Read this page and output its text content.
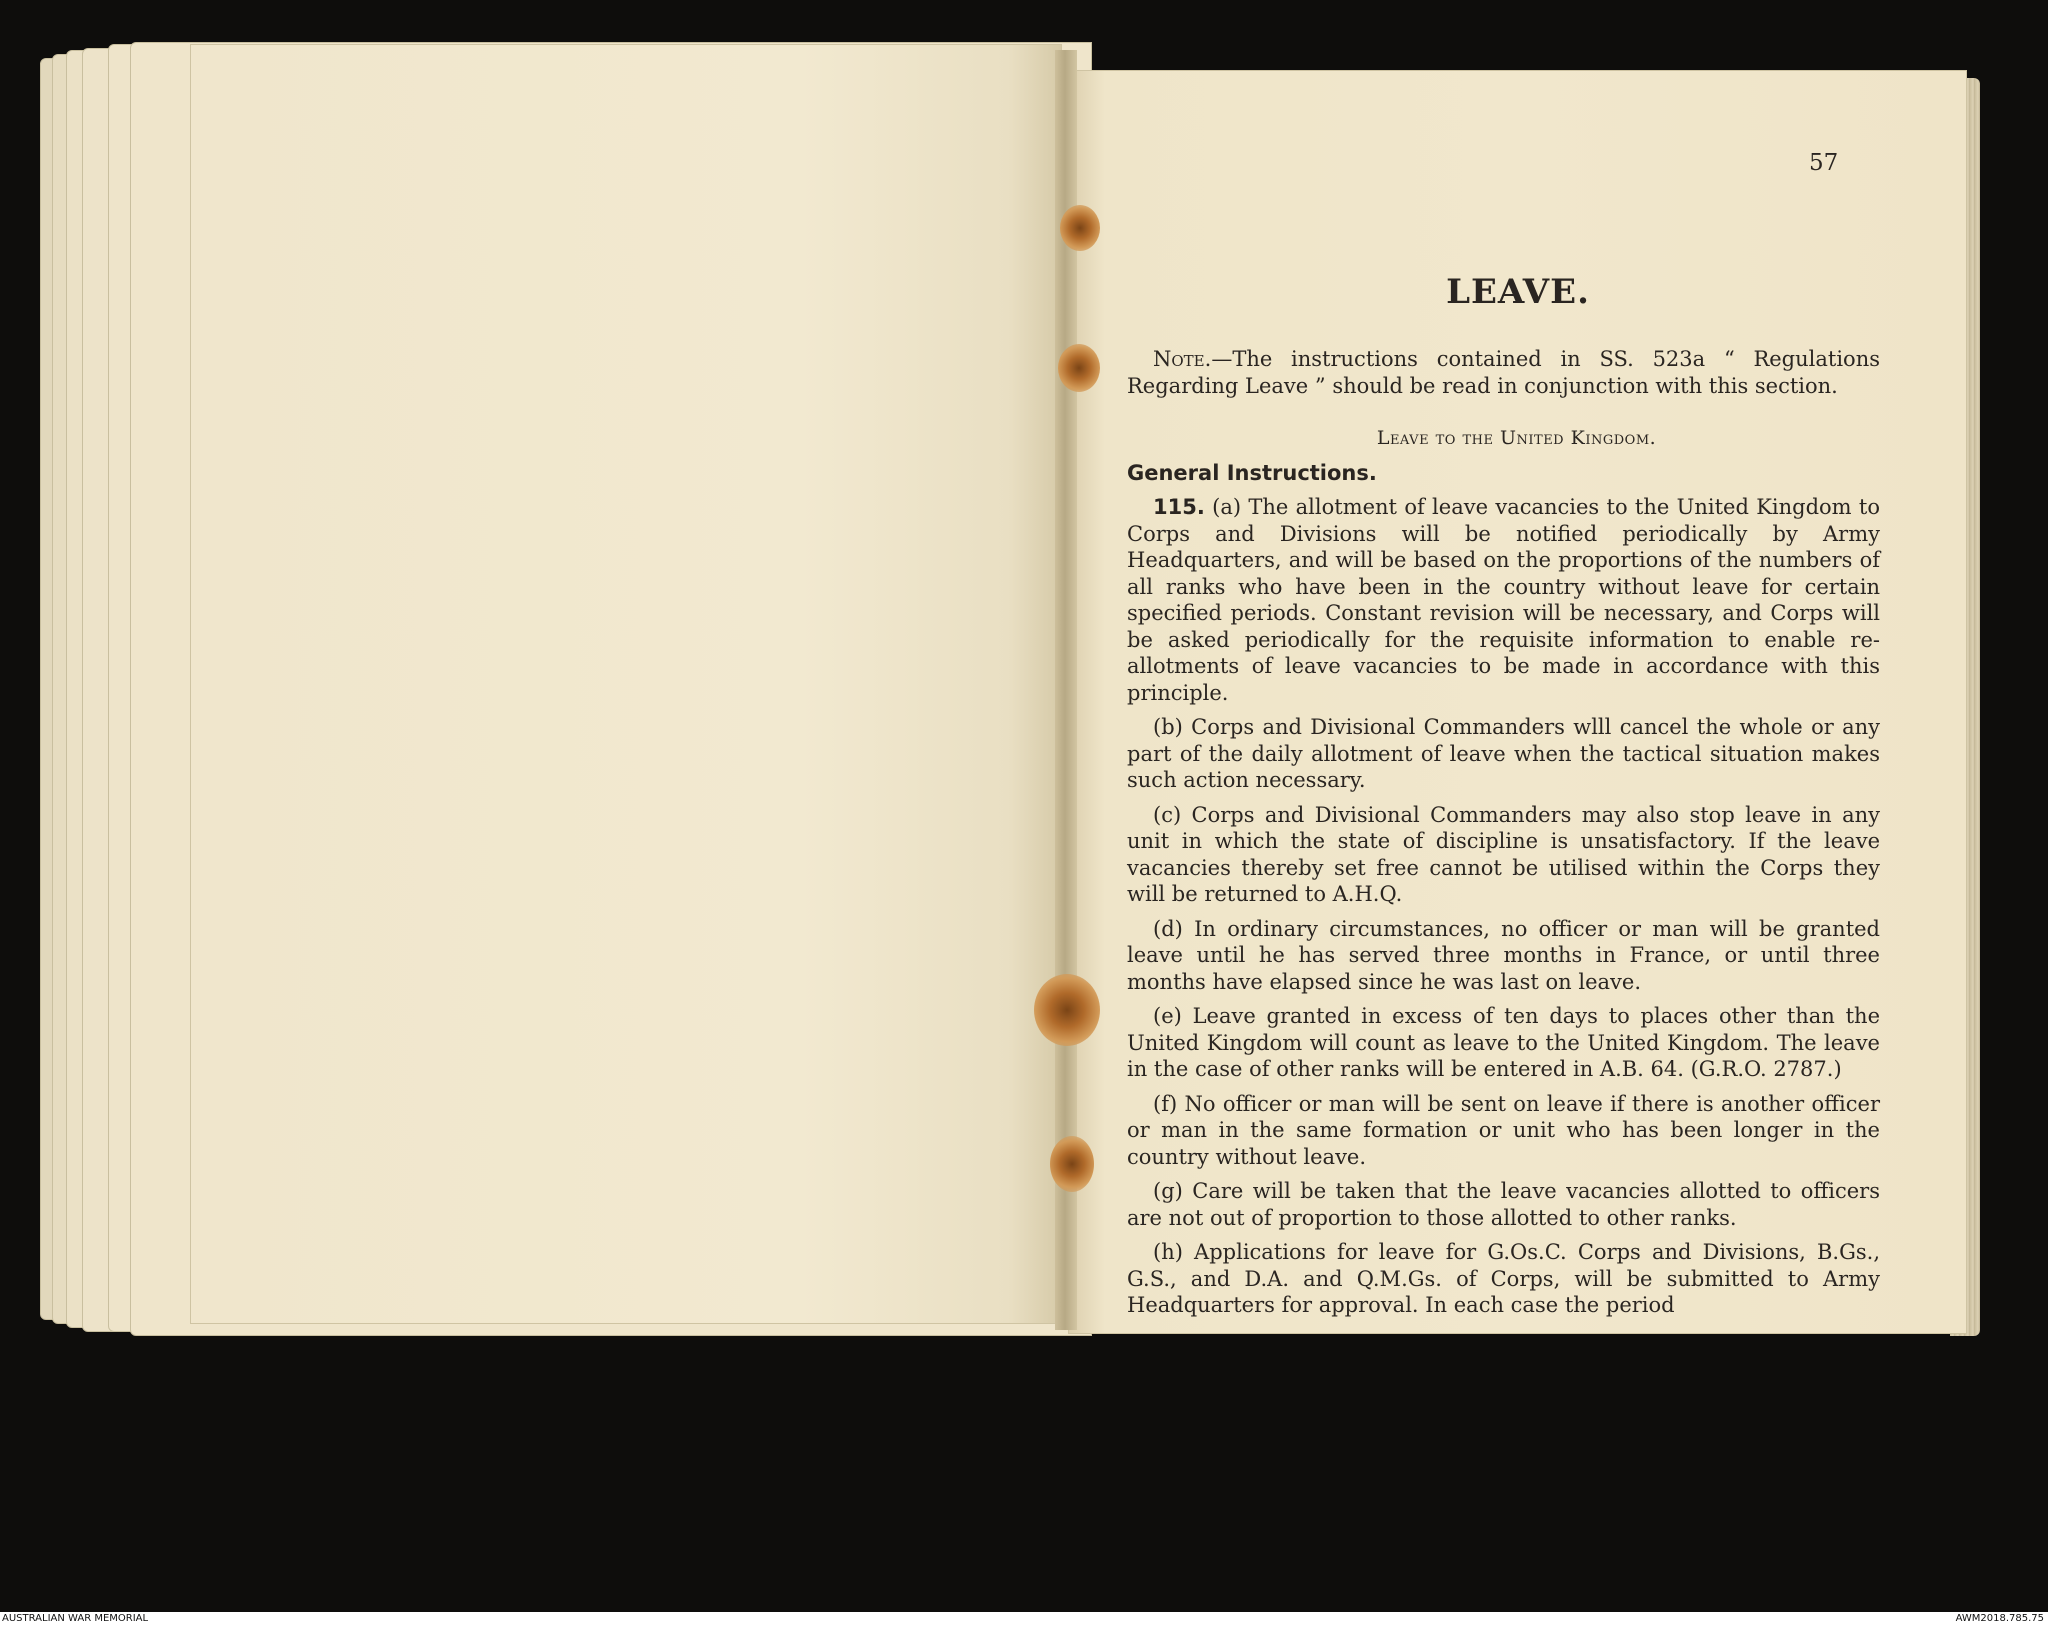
57
LEAVE.

Note.—The instructions contained in SS. 523a “ Regulations Regarding Leave ” should be read in conjunction with this section.

Leave to the United Kingdom.

General Instructions.

115. (a) The allotment of leave vacancies to the United Kingdom to Corps and Divisions will be notified periodically by Army Headquarters, and will be based on the proportions of the numbers of all ranks who have been in the country without leave for certain specified periods. Constant revision will be necessary, and Corps will be asked periodically for the requisite information to enable re-allotments of leave vacancies to be made in accordance with this principle.

(b) Corps and Divisional Commanders wlll cancel the whole or any part of the daily allotment of leave when the tactical situation makes such action necessary.

(c) Corps and Divisional Commanders may also stop leave in any unit in which the state of discipline is unsatisfactory. If the leave vacancies thereby set free cannot be utilised within the Corps they will be returned to A.H.Q.

(d) In ordinary circumstances, no officer or man will be granted leave until he has served three months in France, or until three months have elapsed since he was last on leave.

(e) Leave granted in excess of ten days to places other than the United Kingdom will count as leave to the United Kingdom. The leave in the case of other ranks will be entered in A.B. 64. (G.R.O. 2787.)

(f) No officer or man will be sent on leave if there is another officer or man in the same formation or unit who has been longer in the country without leave.

(g) Care will be taken that the leave vacancies allotted to officers are not out of proportion to those allotted to other ranks.

(h) Applications for leave for G.Os.C. Corps and Divisions, B.Gs., G.S., and D.A. and Q.M.Gs. of Corps, will be submitted to Army Headquarters for approval. In each case the period

AUSTRALIAN WAR MEMORIAL	AWM2018.785.75
